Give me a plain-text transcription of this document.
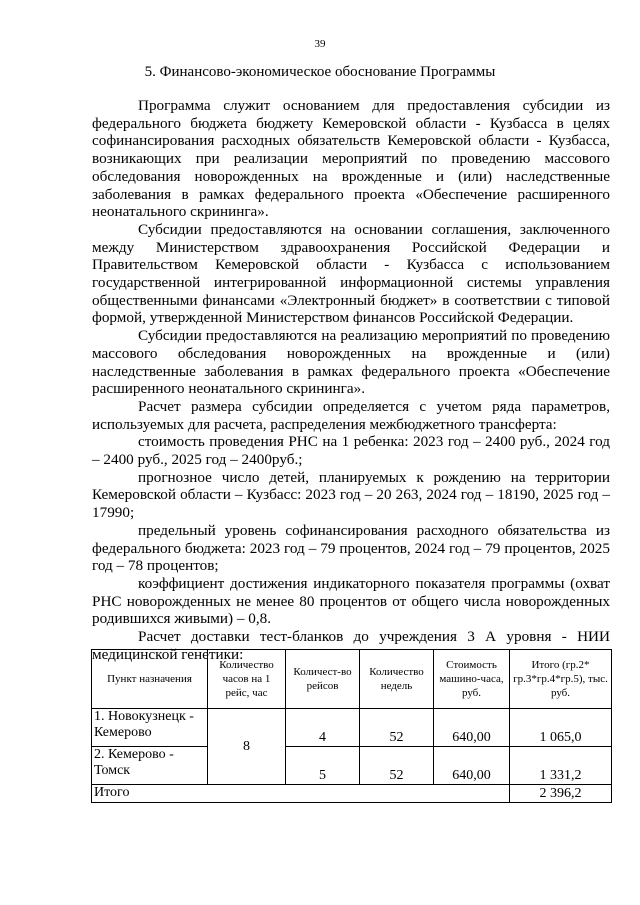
39
5. Финансово-экономическое обоснование Программы

Программа служит основанием для предоставления субсидии из федерального бюджета бюджету Кемеровской области - Кузбасса в целях софинансирования расходных обязательств Кемеровской области - Кузбасса, возникающих при реализации мероприятий по проведению массового обследования новорожденных на врожденные и (или) наследственные заболевания в рамках федерального проекта «Обеспечение расширенного неонатального скрининга».

Субсидии предоставляются на основании соглашения, заключенного между Министерством здравоохранения Российской Федерации и Правительством Кемеровской области - Кузбасса с использованием государственной интегрированной информационной системы управления общественными финансами «Электронный бюджет» в соответствии с типовой формой, утвержденной Министерством финансов Российской Федерации.

Субсидии предоставляются на реализацию мероприятий по проведению массового обследования новорожденных на врожденные и (или) наследственные заболевания в рамках федерального проекта «Обеспечение расширенного неонатального скрининга».

Расчет размера субсидии определяется с учетом ряда параметров, используемых для расчета, распределения межбюджетного трансферта:

стоимость проведения РНС на 1 ребенка: 2023 год – 2400 руб., 2024 год – 2400 руб., 2025 год – 2400руб.;

прогнозное число детей, планируемых к рождению на территории Кемеровской области – Кузбасс: 2023 год – 20 263, 2024 год – 18190, 2025 год – 17990;

предельный уровень софинансирования расходного обязательства из федерального бюджета: 2023 год – 79 процентов, 2024 год – 79 процентов, 2025 год – 78 процентов;

коэффициент достижения индикаторного показателя программы (охват РНС новорожденных не менее 80 процентов от общего числа новорожденных родившихся живыми) – 0,8.

Расчет доставки тест-бланков до учреждения 3 А уровня - НИИ медицинской генетики:

Пункт назначения	Количество часов на 1 рейс, час	Количест-во рейсов	Количество недель	Стоимость машино-часа, руб.	Итого (гр.2* гр.3*гр.4*гр.5), тыс. руб.
1. Новокузнецк - Кемерово	8	4	52	640,00	1 065,0
2. Кемерово - Томск		5	52	640,00	1 331,2
Итого					2 396,2
